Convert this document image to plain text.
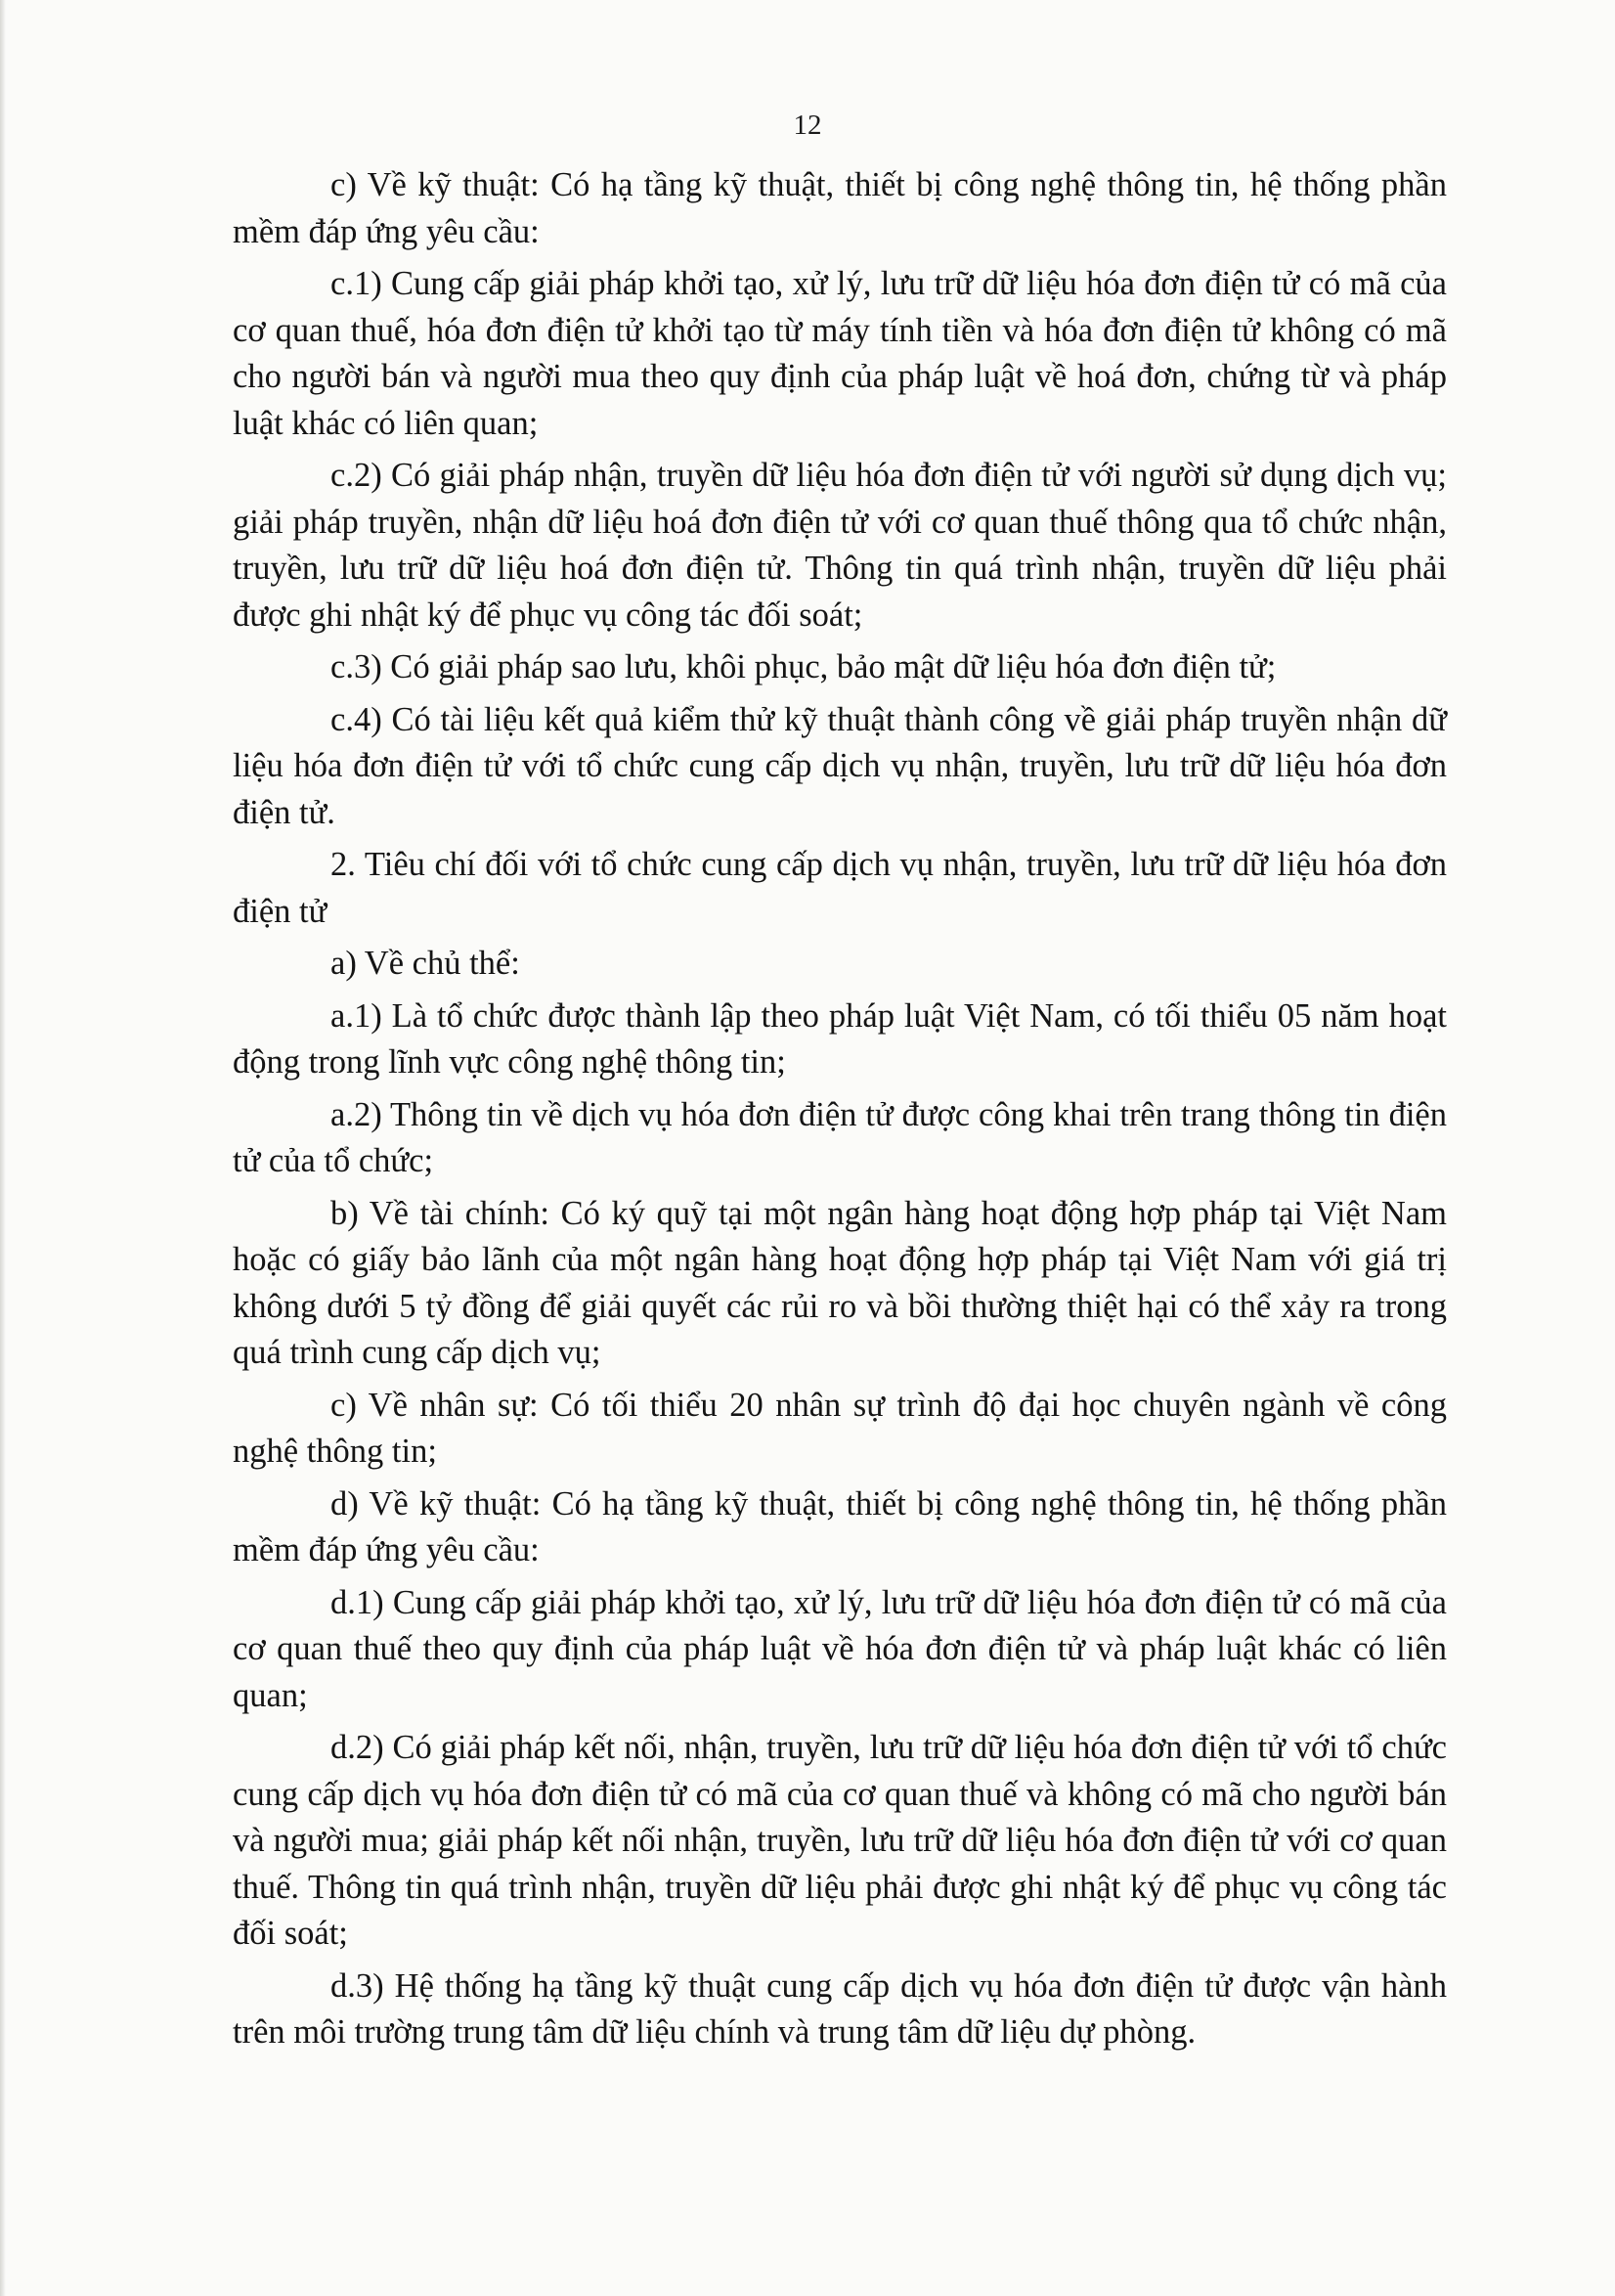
12

c) Về kỹ thuật: Có hạ tầng kỹ thuật, thiết bị công nghệ thông tin, hệ thống phần mềm đáp ứng yêu cầu:

c.1) Cung cấp giải pháp khởi tạo, xử lý, lưu trữ dữ liệu hóa đơn điện tử có mã của cơ quan thuế, hóa đơn điện tử khởi tạo từ máy tính tiền và hóa đơn điện tử không có mã cho người bán và người mua theo quy định của pháp luật về hoá đơn, chứng từ và pháp luật khác có liên quan;

c.2) Có giải pháp nhận, truyền dữ liệu hóa đơn điện tử với người sử dụng dịch vụ; giải pháp truyền, nhận dữ liệu hoá đơn điện tử với cơ quan thuế thông qua tổ chức nhận, truyền, lưu trữ dữ liệu hoá đơn điện tử. Thông tin quá trình nhận, truyền dữ liệu phải được ghi nhật ký để phục vụ công tác đối soát;

c.3) Có giải pháp sao lưu, khôi phục, bảo mật dữ liệu hóa đơn điện tử;

c.4) Có tài liệu kết quả kiểm thử kỹ thuật thành công về giải pháp truyền nhận dữ liệu hóa đơn điện tử với tổ chức cung cấp dịch vụ nhận, truyền, lưu trữ dữ liệu hóa đơn điện tử.

2. Tiêu chí đối với tổ chức cung cấp dịch vụ nhận, truyền, lưu trữ dữ liệu hóa đơn điện tử

a) Về chủ thể:

a.1) Là tổ chức được thành lập theo pháp luật Việt Nam, có tối thiểu 05 năm hoạt động trong lĩnh vực công nghệ thông tin;

a.2) Thông tin về dịch vụ hóa đơn điện tử được công khai trên trang thông tin điện tử của tổ chức;

b) Về tài chính: Có ký quỹ tại một ngân hàng hoạt động hợp pháp tại Việt Nam hoặc có giấy bảo lãnh của một ngân hàng hoạt động hợp pháp tại Việt Nam với giá trị không dưới 5 tỷ đồng để giải quyết các rủi ro và bồi thường thiệt hại có thể xảy ra trong quá trình cung cấp dịch vụ;

c) Về nhân sự: Có tối thiểu 20 nhân sự trình độ đại học chuyên ngành về công nghệ thông tin;

d) Về kỹ thuật: Có hạ tầng kỹ thuật, thiết bị công nghệ thông tin, hệ thống phần mềm đáp ứng yêu cầu:

d.1) Cung cấp giải pháp khởi tạo, xử lý, lưu trữ dữ liệu hóa đơn điện tử có mã của cơ quan thuế theo quy định của pháp luật về hóa đơn điện tử và pháp luật khác có liên quan;

d.2) Có giải pháp kết nối, nhận, truyền, lưu trữ dữ liệu hóa đơn điện tử với tổ chức cung cấp dịch vụ hóa đơn điện tử có mã của cơ quan thuế và không có mã cho người bán và người mua; giải pháp kết nối nhận, truyền, lưu trữ dữ liệu hóa đơn điện tử với cơ quan thuế. Thông tin quá trình nhận, truyền dữ liệu phải được ghi nhật ký để phục vụ công tác đối soát;

d.3) Hệ thống hạ tầng kỹ thuật cung cấp dịch vụ hóa đơn điện tử được vận hành trên môi trường trung tâm dữ liệu chính và trung tâm dữ liệu dự phòng.
